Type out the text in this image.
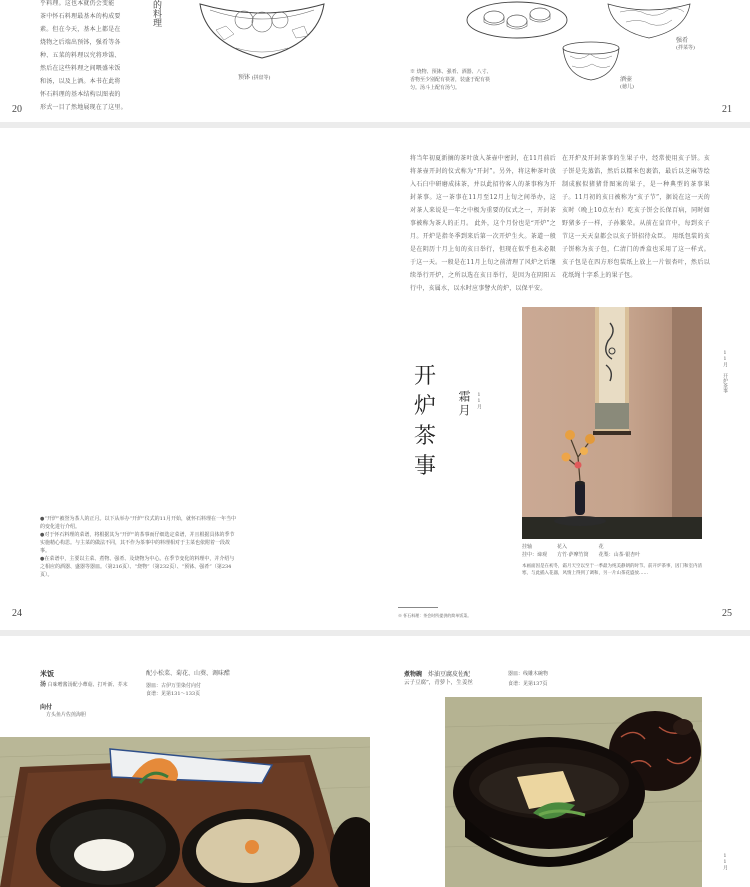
乎料理。这也本就仍会变能
茶中怀石料理最基本的构成要
素。但在今天，基本上都是在
烧物之后端出预钵，强肴等各
种、五菜的料理以究将珍馐、
然后在这些料理之间喂盛米饭
和汤，以及上酒。本书在此将
怀石料理的基本结构以图表的
形式一目了然地展现在了这里。
的料理
预钵 (拼盘等)
20
强肴
(拌菜等)
酒壶
(徳儿)
※ 烧物、预钵、强肴、酒器、八寸、
香物至少别配有筷箸，装盛于配有筷
匀。汤斗上配有汤勺。
21
将当年初夏新摘的茶叶放入茶壶中密封，在11月前后将茶壶开封的仪式称为“开封”。另外，将这种茶叶放入石臼中研磨成抹茶，并以此招待客人的茶事称为开封茶事。这一茶事在11月至12月上旬之间举办，这对茶人来说是一年之中极为重要的仪式之一，开封茶事被称为茶人的正月。 此外，这个月份也是“开炉”之月。开炉是指冬季到来后第一次开炉生火。茶道一般是在阴历十月上旬的亥日举行，但现在似乎也未必限于这一天。一般是在11月上旬之前清理了风炉之后继续举行开炉，之所以选在亥日举行，是因为在阴阳五行中，亥属水，以水时应事譬火的炉，以保平安。
在开炉及开封茶事的生果子中，经常使用亥子饼。亥子饼是先蒸馅，然后以糯米包裹馅，最后以芝麻等绘制成猴似猪猪背图案的果子，是一种典型的茶事果子。11月初的亥日被称为“亥子节”，据说在这一天的亥时（晚上10点左右）吃亥子饼会长保百病，同时如野猪多子一样，子孙繁荣。从前在皇宫中，每到亥子节这一天天皇都会以亥子饼招待众臣。 用纸包装的亥子饼称为亥子包，仁清门的香盒也采用了这一样式。亥子包是在四方形包装纸上放上一片银杏叶，然后以花纸绳十字系上的果子包。
开
炉
茶
事
霜月	11月
挂轴
挂中：谛观
花入
方竹·萨摩竹筒
花
花梨：山茶·银杏叶
本画面因是在初冬，霜月天空以至于一季最为纯美静朗的时节。前开炉茶事，因门和室内清寒，与此插入花器，风情上得到了调和，另一片山茶花盛放……
11月
开炉茶事
●“开炉”被誉为茶人的正月。以下从举办“开炉”仪式的11月开始，就怀石料理在一年当中的变化进行介绍。
●对于怀石料理的菜谱，将根据其为“开炉”的茶事而仔细选定菜谱，并且根据具体的季节实施精心构思。与主菜的做法不同，其不作为茶事中的料理相对于主菜也依附着一段故事。
●在菜谱中，主要以主菜、煮物、强肴、及烧物为中心。在季节变化的料理中，并介绍与之相应的酒器、盛器等器皿。（第216页）、“烧物”（第232页）、“预钵、强肴”（第234页）。
※ 怀石料理：茶会时所提供的简单饭菜。
24	25
米饭
汤 白味噌酱汤配小蕈菇、打叶新、芥末
向付
方头鱼片佐煎海胆
配小松菜、菊花、山葵、调味醋
器皿：古伊万里染付向付
食谱：见第131～133页
煮物碗 炸油豆腐皮佐配
云子豆腐”，青萝卜，生姜丝
器皿：线雕木碗物
食谱：见第137页
11月
